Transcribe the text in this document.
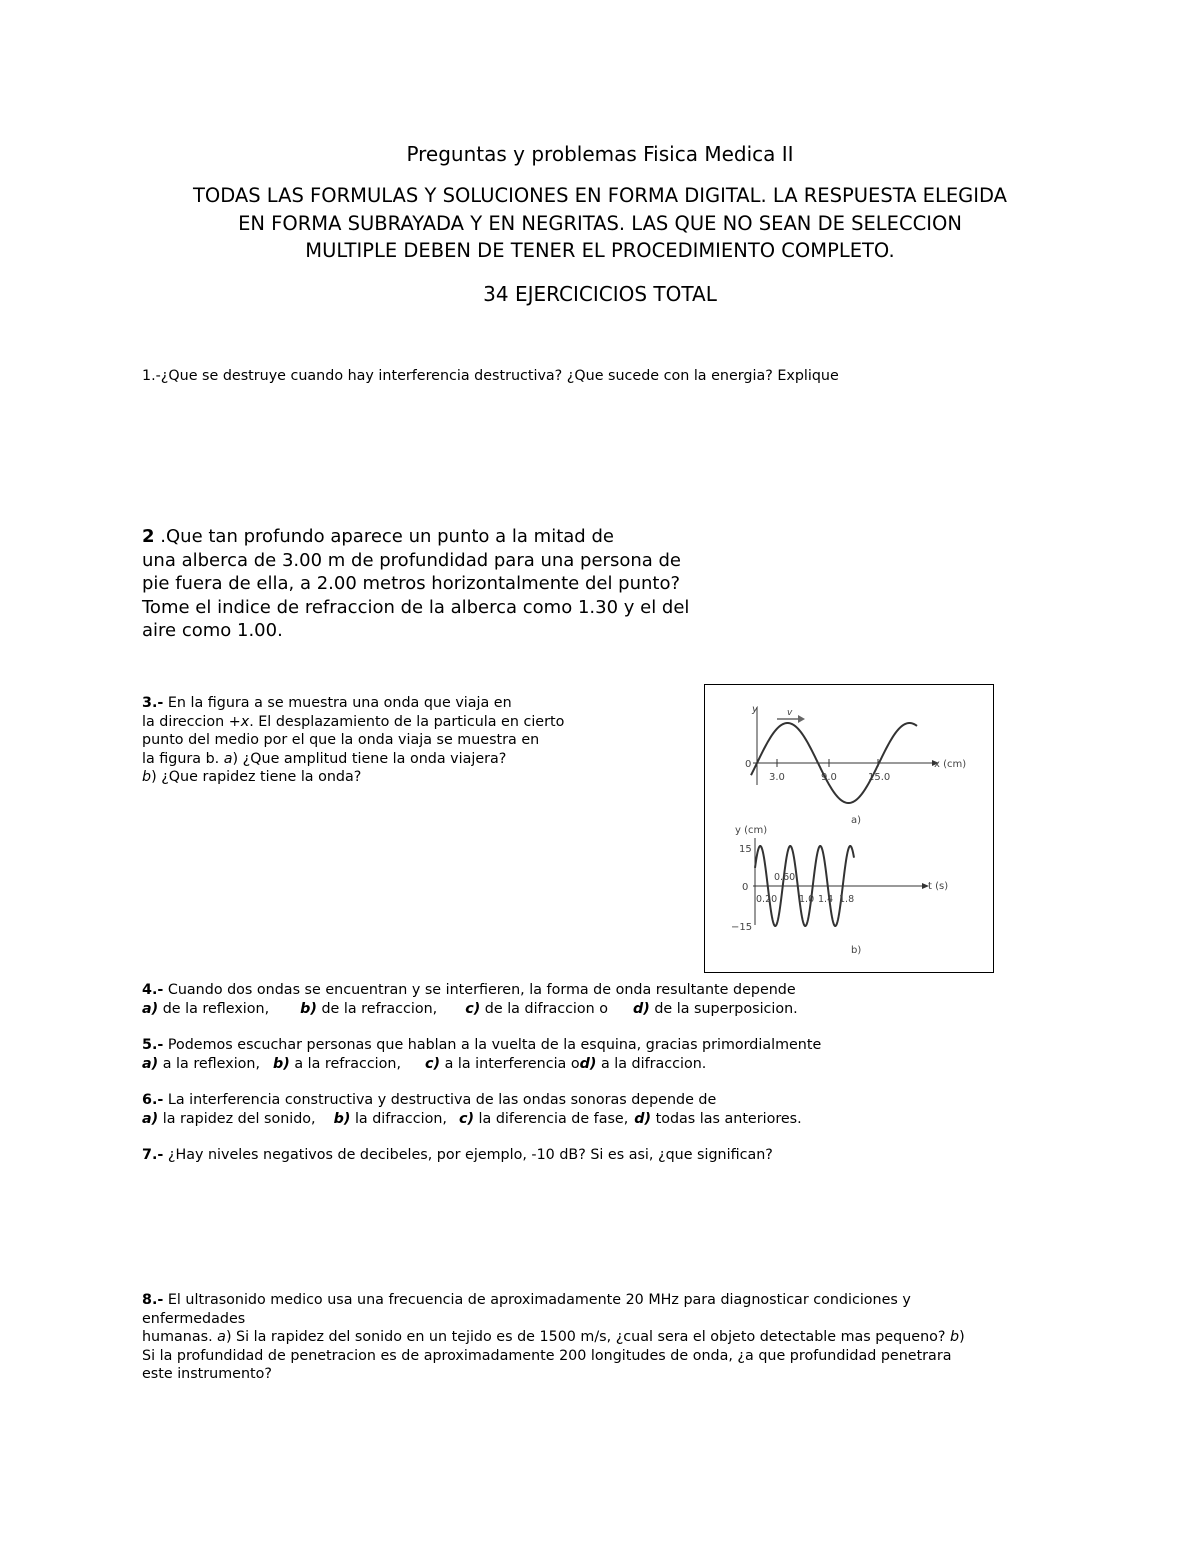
Preguntas y problemas Fisica Medica II
TODAS LAS FORMULAS Y SOLUCIONES EN FORMA DIGITAL. LA RESPUESTA ELEGIDA
EN FORMA SUBRAYADA Y EN NEGRITAS. LAS QUE NO SEAN DE SELECCION
MULTIPLE DEBEN DE TENER EL PROCEDIMIENTO COMPLETO.
34 EJERCICICIOS TOTAL
1.-¿Que se destruye cuando hay interferencia destructiva? ¿Que sucede con la energia? Explique
2 .Que tan profundo aparece un punto a la mitad de
una alberca de 3.00 m de profundidad para una persona de
pie fuera de ella, a 2.00 metros horizontalmente del punto?
Tome el indice de refraccion de la alberca como 1.30 y el del
aire como 1.00.
3.- En la figura a se muestra una onda que viaja en
la direccion +x. El desplazamiento de la particula en cierto
punto del medio por el que la onda viaja se muestra en
la figura b. a) ¿Que amplitud tiene la onda viajera?
b) ¿Que rapidez tiene la onda?
y	v
0
3.0	9.0	15.0
x (cm)
a)
y (cm)
15
0
−15
t (s)
0.60
0.20 1.0 1.4 1.8
b)
4.- Cuando dos ondas se encuentran y se interfieren, la forma de onda resultante depende
a) de la reflexion, b) de la refraccion, c) de la difraccion o d) de la superposicion.
5.- Podemos escuchar personas que hablan a la vuelta de la esquina, gracias primordialmente
a) a la reflexion, b) a la refraccion, c) a la interferencia od) a la difraccion.
6.- La interferencia constructiva y destructiva de las ondas sonoras depende de
a) la rapidez del sonido, b) la difraccion, c) la diferencia de fase, d) todas las anteriores.
7.- ¿Hay niveles negativos de decibeles, por ejemplo, -10 dB? Si es asi, ¿que significan?
8.- El ultrasonido medico usa una frecuencia de aproximadamente 20 MHz para diagnosticar condiciones y
enfermedades
humanas. a) Si la rapidez del sonido en un tejido es de 1500 m/s, ¿cual sera el objeto detectable mas pequeno? b)
Si la profundidad de penetracion es de aproximadamente 200 longitudes de onda, ¿a que profundidad penetrara
este instrumento?
